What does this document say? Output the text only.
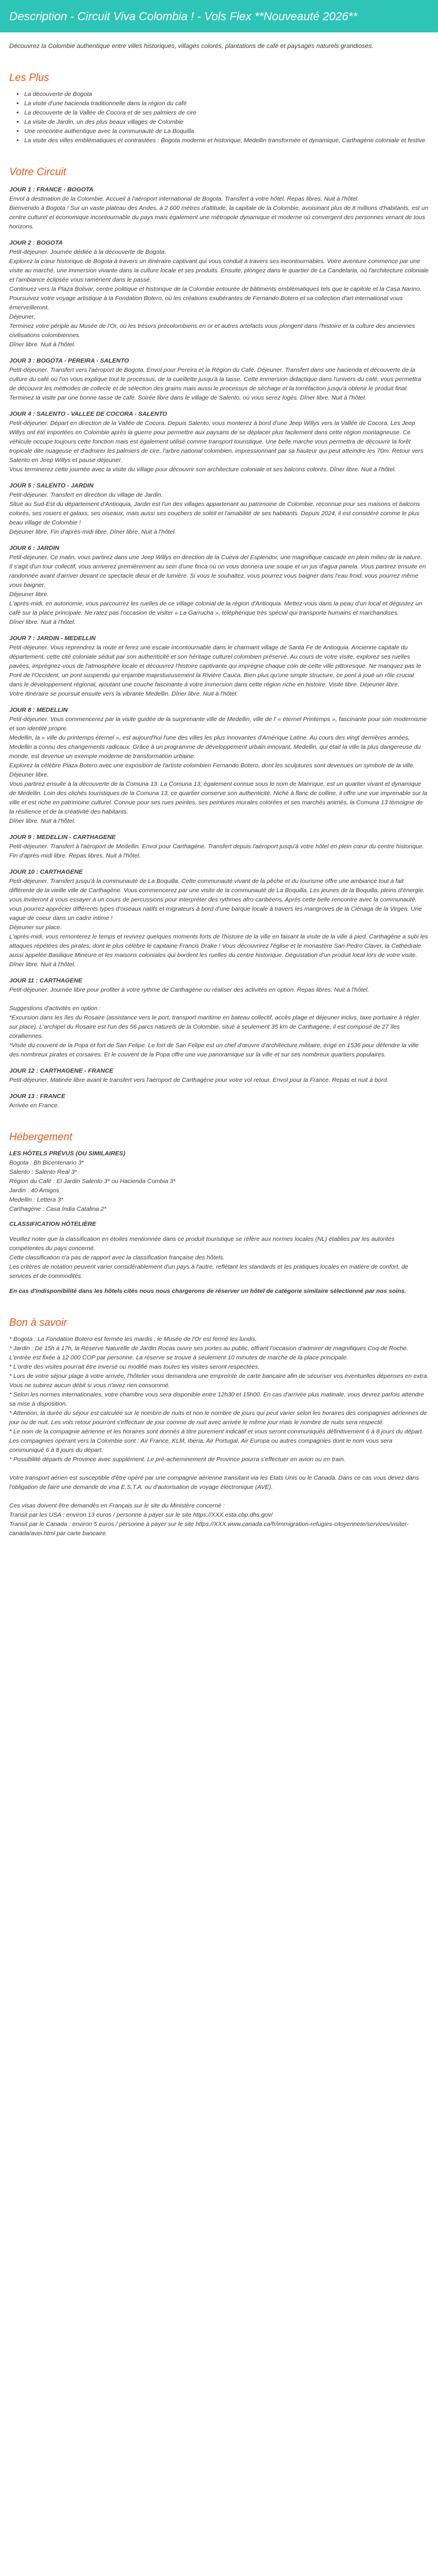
Description - Circuit Viva Colombia ! - Vols Flex **Nouveauté 2026**

Découvrez la Colombie authentique entre villes historiques, villages colorés, plantations de café et paysages naturels grandioses.

Les Plus
• La découverte de Bogota
• La visite d'une hacienda traditionnelle dans la région du café
• La découverte de la Vallée de Cocora et de ses palmiers de cire
• La visite de Jardin, un des plus beaux villages de Colombie
• Une rencontre authentique avec la communauté de La Boquilla
• La visite des villes emblématiques et contrastées : Bogota moderne et historique, Medellin transformée et dynamique, Carthagène coloniale et festive
Votre Circuit
JOUR 1 : FRANCE - BOGOTA

Envol à destination de la Colombie. Accueil à l'aéroport international de Bogota. Transfert à votre hôtel. Repas libres. Nuit à l'hôtel.
Bienvenido à Bogota ! Sur un vaste plateau des Andes, à 2 600 mètres d'altitude, la capitale de la Colombie, avoisinant plus de 8 millions d'habitants, est un centre culturel et économique incontournable du pays mais également une métropole dynamique et moderne où convergent des personnes venant de tous horizons.

JOUR 2 : BOGOTA

Petit-déjeuner. Journée dédiée à la découverte de Bogota.
Explorez la cœur historique de Bogota à travers un itinéraire captivant qui vous conduit à travers ses incontournables. Votre aventure commence par une visite au marché, une immersion vivante dans la culture locale et ses produits. Ensuite, plongez dans le quartier de La Candelaria, où l'architecture coloniale et l'ambiance éclipsée vous ramènent dans le passé.
Continuez vers la Plaza Bolivar, centre politique et historique de la Colombie entourée de bâtiments emblématiques tels que le capitole et la Casa Narino. Poursuivez votre voyage artistique à la Fondation Botero, où les créations exubérantes de Fernando Botero et sa collection d'art international vous émerveilleront.
Déjeuner.
Terminez votre périple au Musée de l'Or, où les trésors précolombiens en or et autres artefacts vous plongent dans l'histoire et la culture des anciennes civilisations colombiennes.
Dîner libre. Nuit à l'hôtel.

JOUR 3 : BOGOTA - PEREIRA - SALENTO

Petit-déjeuner. Transfert vers l'aéroport de Bogota. Envol pour Pereira et la Région du Café. Déjeuner. Transfert dans une hacienda et découverte de la culture du café où l'on vous explique tout le processus, de la cueillette jusqu'à la tasse. Cette immersion didactique dans l'univers du café, vous permettra de découvrir les méthodes de collecte et de sélection des grains mais aussi le processus de séchage et la torréfaction jusqu'à obtenir le produit final. Terminez la visite par une bonne tasse de café. Soirée libre dans le village de Salento, où vous serez logés. Dîner libre. Nuit à l'hôtel.

JOUR 4 : SALENTO - VALLEE DE COCORA - SALENTO

Petit-déjeuner. Départ en direction de la Vallée de Cocora. Depuis Salento, vous monterez à bord d'une Jeep Willys vers la Vallée de Cocora. Les Jeep Willys ont été importées en Colombie après la guerre pour permettre aux paysans de se déplacer plus facilement dans cette région montagneuse. Ce véhicule occupe toujours cette fonction mais est également utilisé comme transport touristique. Une belle marche vous permettra de découvrir la forêt tropicale dite nuageuse et d'admirer les palmiers de cire, l'arbre national colombien, impressionnant par sa hauteur qui peut atteindre les 70m. Retour vers Salento en Jeep Willys et pause déjeuner.
Vous terminerez cette journée avec la visite du village pour découvrir son architecture coloniale et ses balcons colorés. Dîner libre. Nuit à l'hôtel.

JOUR 5 : SALENTO - JARDIN

Petit-déjeuner. Transfert en direction du village de Jardin.
Situé au Sud-Est du département d'Antioquia, Jardin est l'un des villages appartenant au patrimoine de Colombie, reconnue pour ses maisons et balcons colorés, ses rosiers et galaxs, ses oiseaux, mais aussi ses couchers de soleil et l'amabilité de ses habitants. Depuis 2024, il est considéré comme le plus beau village de Colombie !
Déjeuner libre. Fin d'après-midi libre. Dîner libre. Nuit à l'hôtel.

JOUR 6 : JARDIN

Petit-déjeuner. Ce matin, vous partirez dans une Jeep Willys en direction de la Cueva del Esplendor, une magnifique cascade en plein milieu de la nature.
Il s'agit d'un tour collectif, vous arriverez premièrement au sein d'une finca où on vous donnera une soupe et un jus d'agua panela. Vous partirez ensuite en randonnée avant d'arriver devant ce spectacle dieux et de lumière. Si vous le souhaitez, vous pourrez vous baigner dans l'eau froid, vous pourrez même vous baigner.
Déjeuner libre.
L'après-midi, en autonomie, vous parcourrez les ruelles de ce village colonial de la région d'Antioquia. Mettez-vous dans la peau d'un local et dégustez un café sur la place principale. Ne ratez pas l'occasion de visiter « La Garrucha », téléphérique très spécial qui transporte humains et marchandises.
Dîner libre. Nuit à l'hôtel.

JOUR 7 : JARDIN - MEDELLIN

Petit-déjeuner. Vous reprendrez la route et ferez une escale incontournable dans le charmant village de Santa Fe de Antioquia. Ancienne capitale du département, cette cité coloniale séduit par son authenticité et son héritage culturel colombien préservé. Au cours de votre visite, explorez ses ruelles pavées, imprégnez-vous de l'atmosphère locale et découvrez l'histoire captivante qui imprègne chaque coin de cette ville pittoresque. Ne manquez pas le Pont de l'Occident, un pont suspendu qui enjambe majestueusement la Rivière Cauca. Bien plus qu'une simple structure, ce pont à joué un rôle crucial dans le développement régional, ajoutant une couche fascinante à votre immersion dans cette région riche en histoire. Visite libre. Déjeuner libre.
Votre itinéraire se poursuit ensuite vers la vibrante Medellin. Dîner libre. Nuit à l'hôtel.

JOUR 8 : MEDELLIN

Petit-déjeuner. Vous commencerez par la visite guidée de la surprenante ville de Medellin, ville de l' « éternel Printemps », fascinante pour son modernisme et son identité propre.
Medellin, la « ville du printemps éternel », est aujourd'hui l'une des villes les plus innovantes d'Amérique Latine. Au cours des vingt dernières années, Medellin a connu des changements radicaux. Grâce à un programme de développement urbain innovant, Medellin, qui était la ville la plus dangereuse du monde, est devenue un exemple moderne de transformation urbaine.
Explorez la célèbre Plaza Botero avec une exposition de l'artiste colombien Fernando Botero, dont les sculptures sont devenues un symbole de la ville. Déjeuner libre.
Vous partirez ensuite à la découverte de la Comuna 13. La Comuna 13, également connue sous le nom de Manrique, est un quartier vivant et dynamique de Medellin. Loin des clichés touristiques de la Comuna 13, ce quartier conserve son authenticité. Niché à flanc de colline, il offre une vue imprenable sur la ville et est riche en patrimoine culturel. Connue pour ses rues peintes, ses peintures murales colorées et ses marchés animés, la Comuna 13 témoigne de la résilience et de la créativité des habitants.
Dîner libre. Nuit à l'hôtel.

JOUR 9 : MEDELLIN - CARTHAGENE

Petit-déjeuner. Transfert à l'aéroport de Medellin. Envol pour Carthagène. Transfert depuis l'aéroport jusqu'à votre hôtel en plein cœur du centre historique. Fin d'après-midi libre. Repas libres. Nuit à l'hôtel.

JOUR 10 : CARTHAGENE

Petit-déjeuner. Transfert jusqu'à la communauté de La Boquilla. Cette communauté vivant de la pêche et du tourisme offre une ambiance tout à fait différente de la vieille ville de Carthagène. Vous commencerez par une visite de la communauté de La Boquilla. Les jeunes de la Boquilla, pleins d'énergie, vous inviteront à vous essayer à un cours de percussions pour interpréter des rythmes afro-caribéens. Après cette belle rencontre avec la communauté, vous pourrez apprécier différents types d'oiseaux natifs et migrateurs à bord d'une barque locale à travers les mangroves de la Ciénaga de la Virgen. Une vague de coeur dans un cadre intime !
Déjeuner sur place.
L'après-midi, vous remonterez le temps et revivrez quelques moments forts de l'histoire de la ville en faisant la visite de la ville à pied. Carthagène a subi les attaques répétées des pirates, dont le plus célèbre le capitaine Francis Drake ! Vous découvrirez l'église et le monastère San Pedro Claver, la Cathédrale aussi appelée Basilique Mineure et les maisons coloniales qui bordent les ruelles du centre historique. Dégustation d'un produit local lors de votre visite. Dîner libre. Nuit à l'hôtel.

JOUR 11 : CARTHAGENE

Petit-déjeuner. Journée libre pour profiter à votre rythme de Carthagène ou réaliser des activités en option. Repas libres. Nuit à l'hôtel.

Suggestions d'activités en option :
*Excursion dans les îles du Rosaire (assistance vers le port, transport maritime en bateau collectif, accès plage et déjeuner inclus, taxe portuaire à régler sur place). L'archipel du Rosaire est l'un des 56 parcs naturels de la Colombie, situé à seulement 35 km de Carthagène, il est composé de 27 îles coralliennes.
*Visite du couvent de la Popa et fort de San Felipe. Le fort de San Felipe est un chef d'œuvre d'architecture militaire, érigé en 1536 pour défendre la ville des nombreux pirates et corsaires. Et le couvent de la Popa offre une vue panoramique sur la ville et sur ses nombreux quartiers populaires.

JOUR 12 : CARTHAGENE - FRANCE

Petit-déjeuner. Matinée libre avant le transfert vers l'aéroport de Carthagène pour votre vol retour. Envol pour la France. Repas et nuit à bord.

JOUR 13 : FRANCE

Arrivée en France.

Hébergement
LES HÔTELS PRÉVUS (OU SIMILAIRES)
Bogota : Bh Bicentenario 3*
Salento : Salento Real 3*
Région du Café : El Jardin Salento 3* ou Hacienda Combia 3*
Jardin : 40 Amigos
Medellin : Lettera 3*
Carthagène : Casa Índia Catalina 2*
CLASSIFICATION HÔTELIÈRE

Veuillez noter que la classification en étoiles mentionnée dans ce produit touristique se réfère aux normes locales (NL) établies par les autorités compétentes du pays concerné.
Cette classification n'a pas de rapport avec la classification française des hôtels.
Les critères de notation peuvent varier considérablement d'un pays à l'autre, reflétant les standards et les pratiques locales en matière de confort, de services et de commodités.

En cas d'indisponibilité dans les hôtels cités nous nous chargerons de réserver un hôtel de catégorie similaire sélectionné par nos soins.

Bon à savoir

* Bogota : La Fondation Botero est fermée les mardis ; le Musée de l'Or est fermé les lundis.
* Jardin : De 15h à 17h, la Réserve Naturelle de Jardin Rocas ouvre ses portes au public, offrant l'occasion d'admirer de magnifiques Coq de Roche. L'entrée est fixée à 12 000 COP par personne. La réserve se trouve à seulement 10 minutes de marche de la place principale.
* L'ordre des visites pourrait être inversé ou modifié mais toutes les visites seront respectées.
* Lors de votre séjour plage à votre arrivée, l'hôtelier vous demandera une empreinte de carte bancaire afin de sécuriser vos éventuelles dépenses en extra. Vous ne subirez aucun débit si vous n'avez rien consommé.
* Selon les normes internationales, votre chambre vous sera disponible entre 12h30 et 15h00. En cas d'arrivée plus matinale, vous devrez parfois attendre sa mise à disposition.
* Attention, la durée du séjour est calculée sur le nombre de nuits et non le nombre de jours qui peut varier selon les horaires des compagnies aériennes de jour ou de nuit. Les vols retour pourront s'effectuer de jour comme de nuit avec arrivée le même jour mais le nombre de nuits sera respecté.
* Le nom de la compagnie aérienne et les horaires sont donnés à titre purement indicatif et vous seront communiqués définitivement 6 à 8 jours du départ. Les compagnies opérant vers la Colombie sont : Air France, KLM, Iberia, Air Portugal, Air Europa ou autres compagnies dont le nom vous sera communiqué 6 à 8 jours du départ.
* Possibilité départs de Province avec supplément. Le pré-acheminement de Province pourra s'effectuer en avion ou en train.

Votre transport aérien est susceptible d'être opéré par une compagnie aérienne transitant via les Etats Unis ou le Canada. Dans ce cas vous devez dans l'obligation de faire une demande de visa E.S.T.A. ou d'autorisation de voyage électronique (AVE).

Ces visas doivent être demandés en Français sur le site du Ministère concerné :
Transit par les USA : environ 13 euros / personne à payer sur le site https://XXX.esta.cbp.dhs.gov/
Transit par le Canada : environ 5 euros / personne à payer sur le site https://XXX.www.canada.ca/fr/immigration-refugies-citoyennete/services/visiter-canada/avei.html par carte bancaire.
